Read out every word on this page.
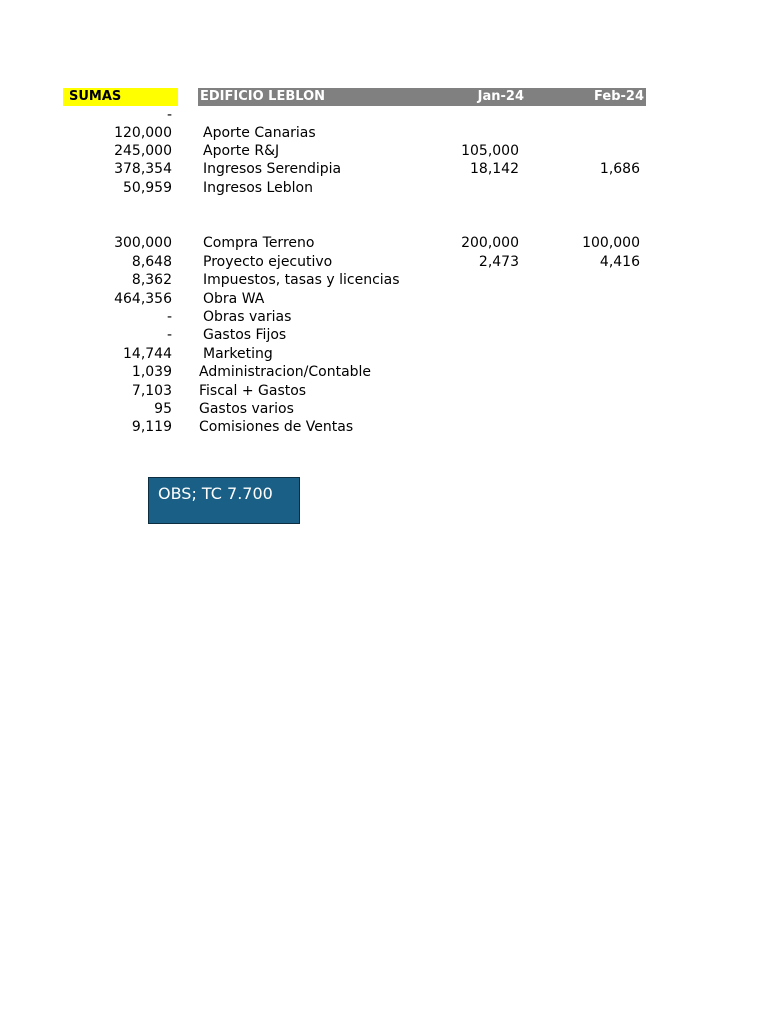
SUMAS	EDIFICIO LEBLON	Jan-24	Feb-24
-
120,000 Aporte Canarias
245,000 Aporte R&J	105,000
378,354 Ingresos Serendipia	18,142	1,686
50,959 Ingresos Leblon
300,000 Compra Terreno	200,000	100,000
8,648 Proyecto ejecutivo	2,473	4,416
8,362 Impuestos, tasas y licencias
464,356 Obra WA
- Obras varias
- Gastos Fijos
14,744 Marketing
1,039 Administracion/Contable
7,103 Fiscal + Gastos
95 Gastos varios
9,119 Comisiones de Ventas
OBS; TC 7.700
